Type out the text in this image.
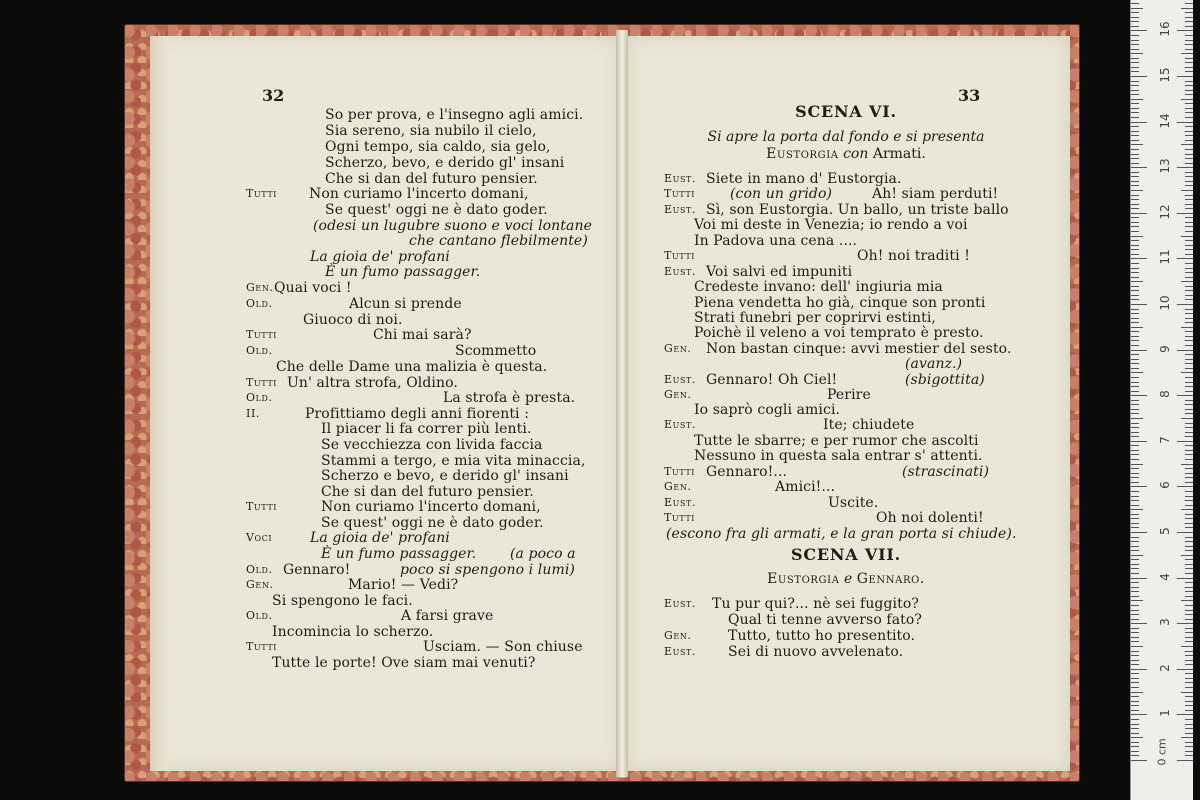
32	33
So per prova, e l'insegno agli amici.
Sia sereno, sia nubilo il cielo,
Ogni tempo, sia caldo, sia gelo,
Scherzo, bevo, e derido gl' insani
Che si dan del futuro pensier.
Tutti Non curiamo l'incerto domani,
Se quest' oggi ne è dato goder.
(odesi un lugubre suono e voci lontane
che cantano flebilmente)
La gioia de' profani
È un fumo passagger.
Gen. Quai voci !
Old.	Alcun si prende
Giuoco di noi.
Tutti	Chi mai sarà?
Old.	Scommetto
Che delle Dame una malizia è questa.
Tutti Un' altra strofa, Oldino.
Old.	La strofa è presta.
II.	Profittiamo degli anni fiorenti :
Il piacer li fa correr più lenti.
Se vecchiezza con livida faccia
Stammi a tergo, e mia vita minaccia,
Scherzo e bevo, e derido gl' insani
Che si dan del futuro pensier.
Tutti	Non curiamo l'incerto domani,
Se quest' oggi ne è dato goder.
Voci	La gioia de' profani
È un fumo passagger. (a poco a
Old. Gennaro!	poco si spengono i lumi)
Gen.	Mario! — Vedi?
Si spengono le faci.
Old.	A farsi grave
Incomincia lo scherzo.
Tutti	Usciam. — Son chiuse
Tutte le porte! Ove siam mai venuti?
SCENA VI.
Si apre la porta dal fondo e si presenta
Eustorgia con Armati.
Eust. Siete in mano d' Eustorgia.
Tutti (con un grido)	Ah! siam perduti!
Eust. Sì, son Eustorgia. Un ballo, un triste ballo
Voi mi deste in Venezia; io rendo a voi
In Padova una cena ....
Tutti	Oh! noi traditi !
Eust. Voi salvi ed impuniti
Credeste invano: dell' ingiuria mia
Piena vendetta ho già, cinque son pronti
Strati funebri per coprirvi estinti,
Poichè il veleno a voi temprato è presto.
Gen. Non bastan cinque: avvi mestier del sesto.
(avanz.)
Eust. Gennaro! Oh Ciel!	(sbigottita)
Gen.	Perire
Io saprò cogli amici.
Eust.	Ite; chiudete
Tutte le sbarre; e per rumor che ascolti
Nessuno in questa sala entrar s' attenti.
Tutti Gennaro!...	(strascinati)
Gen.	Amici!...
Eust.	Uscite.
Tutti	Oh noi dolenti!
(escono fra gli armati, e la gran porta si chiude).
SCENA VII.
Eustorgia e Gennaro.
Eust. Tu pur qui?... nè sei fuggito?
Qual ti tenne avverso fato?
Gen.	Tutto, tutto ho presentito.
Eust. Sei di nuovo avvelenato.
1
2
3
4
5
6
7
8
9
10
11
12
13
14
15
16
0 cm
